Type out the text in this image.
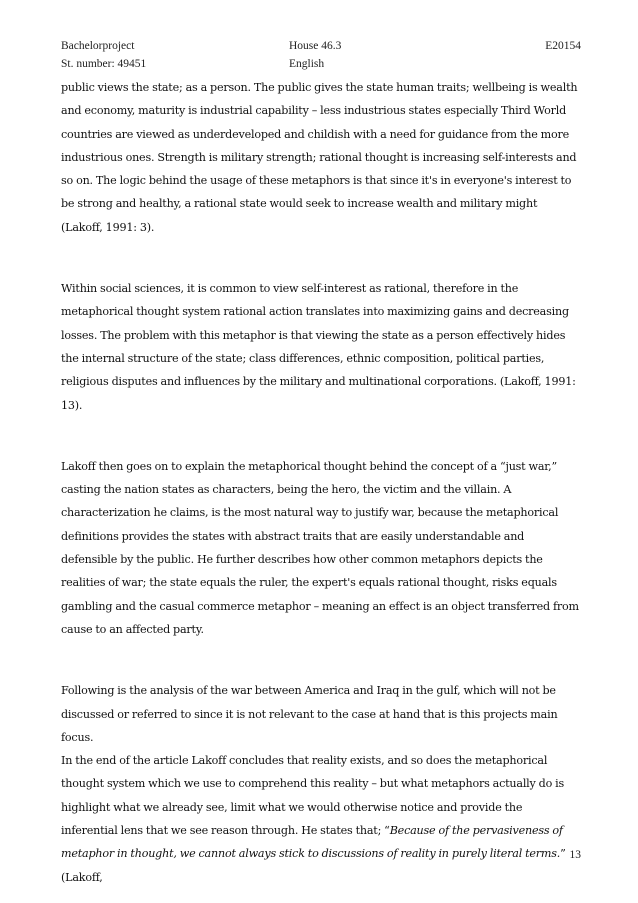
Bachelorproject	House 46.3	E20154
St. number: 49451	English

public views the state; as a person. The public gives the state human traits; wellbeing is wealth and economy, maturity is industrial capability – less industrious states especially Third World countries are viewed as underdeveloped and childish with a need for guidance from the more industrious ones. Strength is military strength; rational thought is increasing self-interests and so on. The logic behind the usage of these metaphors is that since it's in everyone's interest to be strong and healthy, a rational state would seek to increase wealth and military might (Lakoff, 1991: 3).

Within social sciences, it is common to view self-interest as rational, therefore in the metaphorical thought system rational action translates into maximizing gains and decreasing losses. The problem with this metaphor is that viewing the state as a person effectively hides the internal structure of the state; class differences, ethnic composition, political parties, religious disputes and influences by the military and multinational corporations. (Lakoff, 1991: 13).

Lakoff then goes on to explain the metaphorical thought behind the concept of a “just war,” casting the nation states as characters, being the hero, the victim and the villain. A characterization he claims, is the most natural way to justify war, because the metaphorical definitions provides the states with abstract traits that are easily understandable and defensible by the public. He further describes how other common metaphors depicts the realities of war; the state equals the ruler, the expert's equals rational thought, risks equals gambling and the casual commerce metaphor – meaning an effect is an object transferred from cause to an affected party.

Following is the analysis of the war between America and Iraq in the gulf, which will not be discussed or referred to since it is not relevant to the case at hand that is this projects main focus.

In the end of the article Lakoff concludes that reality exists, and so does the metaphorical thought system which we use to comprehend this reality – but what metaphors actually do is highlight what we already see, limit what we would otherwise notice and provide the inferential lens that we see reason through. He states that; “Because of the pervasiveness of metaphor in thought, we cannot always stick to discussions of reality in purely literal terms.” (Lakoff,

13
